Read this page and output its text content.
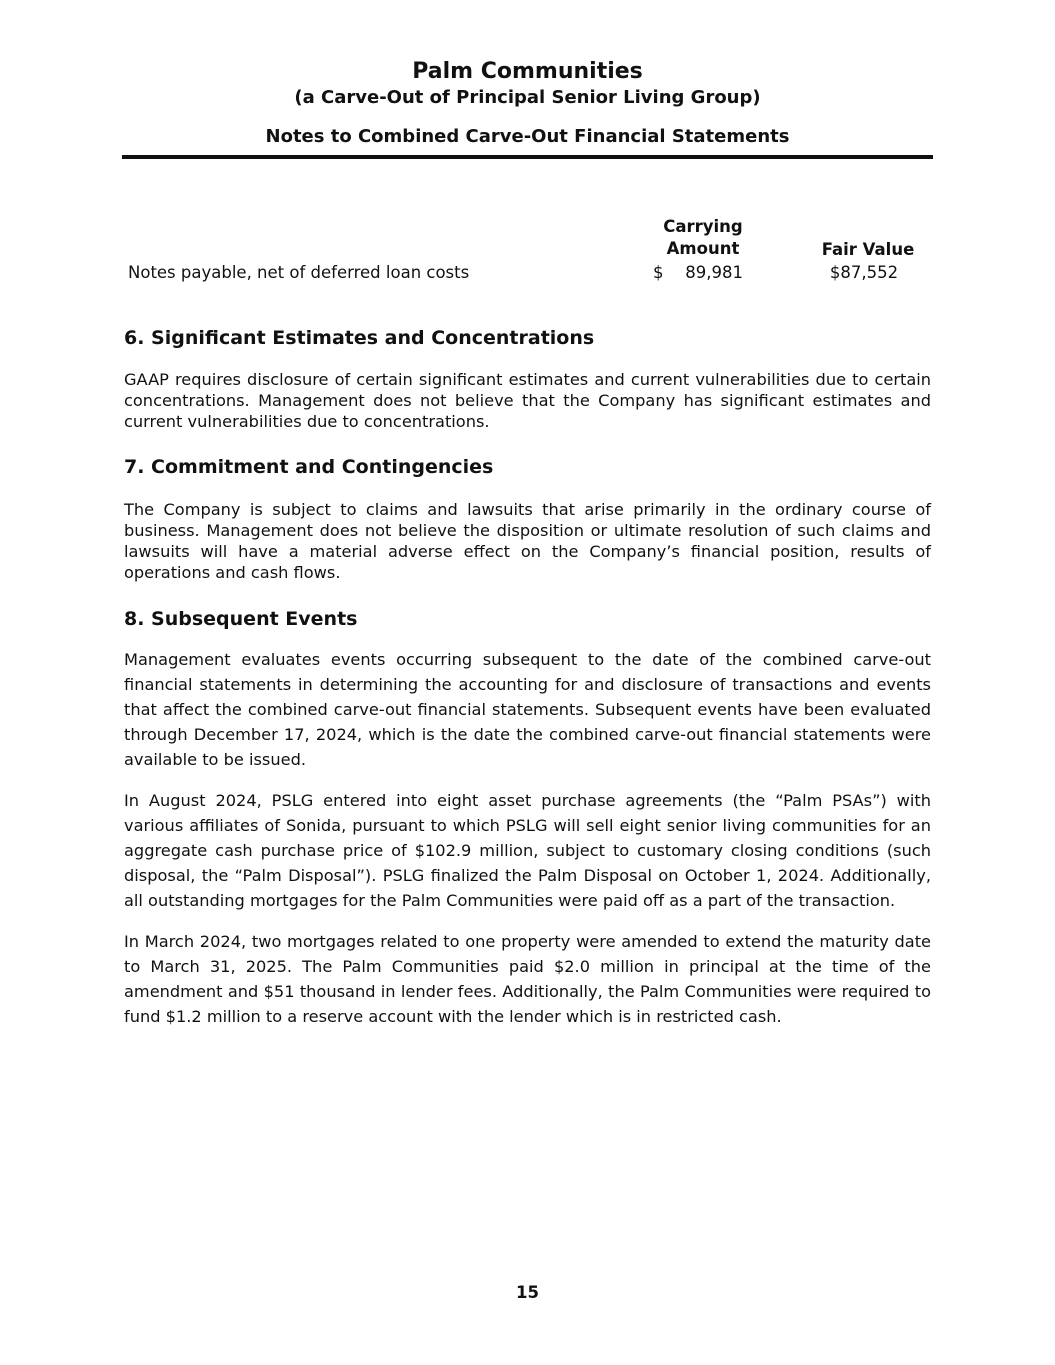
Palm Communities
(a Carve-Out of Principal Senior Living Group)
Notes to Combined Carve-Out Financial Statements
Carrying
Amount	Fair Value
Notes payable, net of deferred loan costs	$	89,981	$87,552
6. Significant Estimates and Concentrations

GAAP requires disclosure of certain significant estimates and current vulnerabilities due to certain concentrations. Management does not believe that the Company has significant estimates and current vulnerabilities due to concentrations.

7. Commitment and Contingencies

The Company is subject to claims and lawsuits that arise primarily in the ordinary course of business. Management does not believe the disposition or ultimate resolution of such claims and lawsuits will have a material adverse effect on the Company’s financial position, results of operations and cash flows.

8. Subsequent Events

Management evaluates events occurring subsequent to the date of the combined carve-out financial statements in determining the accounting for and disclosure of transactions and events that affect the combined carve-out financial statements. Subsequent events have been evaluated through December 17, 2024, which is the date the combined carve-out financial statements were available to be issued.

In August 2024, PSLG entered into eight asset purchase agreements (the “Palm PSAs”) with various affiliates of Sonida, pursuant to which PSLG will sell eight senior living communities for an aggregate cash purchase price of $102.9 million, subject to customary closing conditions (such disposal, the “Palm Disposal”). PSLG finalized the Palm Disposal on October 1, 2024. Additionally, all outstanding mortgages for the Palm Communities were paid off as a part of the transaction.

In March 2024, two mortgages related to one property were amended to extend the maturity date to March 31, 2025. The Palm Communities paid $2.0 million in principal at the time of the amendment and $51 thousand in lender fees. Additionally, the Palm Communities were required to fund $1.2 million to a reserve account with the lender which is in restricted cash.

15
